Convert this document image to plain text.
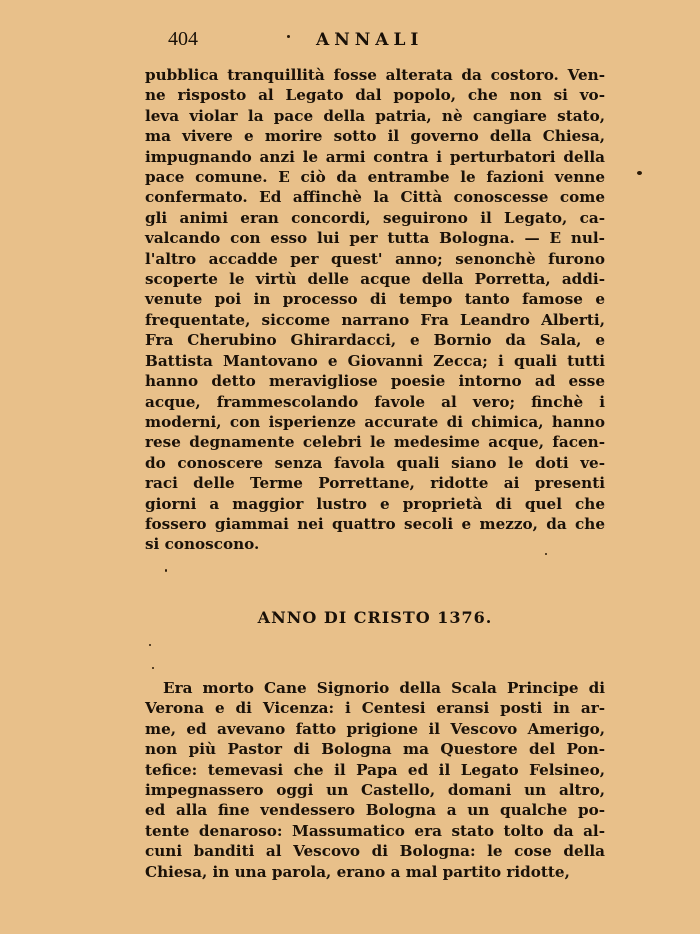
404	ANNALI
pubblica tranquillità fosse alterata da costoro. Ven-
ne risposto al Legato dal popolo, che non si vo-
leva violar la pace della patria, nè cangiare stato,
ma vivere e morire sotto il governo della Chiesa,
impugnando anzi le armi contra i perturbatori della
pace comune. E ciò da entrambe le fazioni venne
confermato. Ed affinchè la Città conoscesse come
gli animi eran concordi, seguirono il Legato, ca-
valcando con esso lui per tutta Bologna. — E nul-
l'altro accadde per quest' anno; senonchè furono
scoperte le virtù delle acque della Porretta, addi-
venute poi in processo di tempo tanto famose e
frequentate, siccome narrano Fra Leandro Alberti,
Fra Cherubino Ghirardacci, e Bornio da Sala, e
Battista Mantovano e Giovanni Zecca; i quali tutti
hanno detto meravigliose poesie intorno ad esse
acque, frammescolando favole al vero; finchè i
moderni, con isperienze accurate di chimica, hanno
rese degnamente celebri le medesime acque, facen-
do conoscere senza favola quali siano le doti ve-
raci delle Terme Porrettane, ridotte ai presenti
giorni a maggior lustro e proprietà di quel che
fossero giammai nei quattro secoli e mezzo, da che
si conoscono.
ANNO DI CRISTO 1376.
Era morto Cane Signorio della Scala Principe di
Verona e di Vicenza: i Centesi eransi posti in ar-
me, ed avevano fatto prigione il Vescovo Amerigo,
non più Pastor di Bologna ma Questore del Pon-
tefice: temevasi che il Papa ed il Legato Felsineo,
impegnassero oggi un Castello, domani un altro,
ed alla fine vendessero Bologna a un qualche po-
tente denaroso: Massumatico era stato tolto da al-
cuni banditi al Vescovo di Bologna: le cose della
Chiesa, in una parola, erano a mal partito ridotte,
